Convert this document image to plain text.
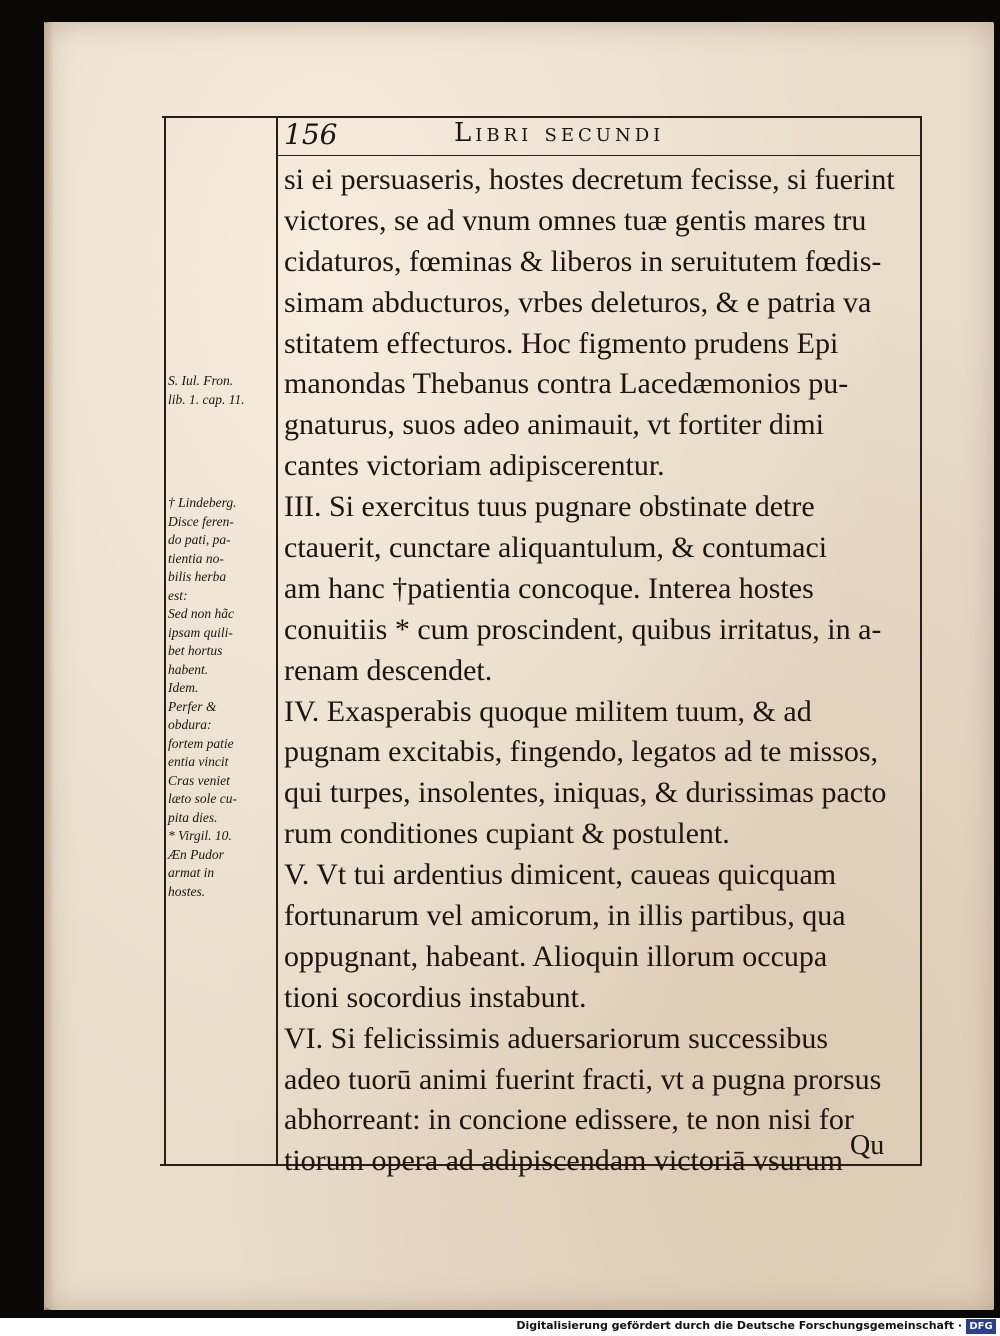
156	Libri secundi
si ei persuaseris, hostes decretum fecisse, si fuerint
victores, se ad vnum omnes tuæ gentis mares tru
cidaturos, fœminas & liberos in seruitutem fœdis-
simam abducturos, vrbes deleturos, & e patria va
stitatem effecturos. Hoc figmento prudens Epi
manondas Thebanus contra Lacedæmonios pu-
gnaturus, suos adeo animauit, vt fortiter dimi
cantes victoriam adipiscerentur.
III. Si exercitus tuus pugnare obstinate detre
ctauerit, cunctare aliquantulum, & contumaci
am hanc †patientia concoque. Interea hostes
conuitiis * cum proscindent, quibus irritatus, in a-
renam descendet.
IV. Exasperabis quoque militem tuum, & ad
pugnam excitabis, fingendo, legatos ad te missos,
qui turpes, insolentes, iniquas, & durissimas pacto
rum conditiones cupiant & postulent.
V. Vt tui ardentius dimicent, caueas quicquam
fortunarum vel amicorum, in illis partibus, qua
oppugnant, habeant. Alioquin illorum occupa
tioni socordius instabunt.
VI. Si felicissimis aduersariorum successibus
adeo tuorū animi fuerint fracti, vt a pugna prorsus
abhorreant: in concione edissere, te non nisi for
tiorum opera ad adipiscendam victoriā vsurum Qu
S. Iul. Fron.
lib. 1. cap. 11.
† Lindeberg.
Disce feren-
do pati, pa-
tientia no-
bilis herba
est:
Sed non hãc
ipsam quili-
bet hortus
habent.
Idem.
Perfer &
obdura:
fortem patie
entia vincit
Cras veniet
læto sole cu-
pita dies.
* Virgil. 10.
Æn Pudor
armat in
hostes.
Digitalisierung gefördert durch die Deutsche Forschungsgemeinschaft · DFG
